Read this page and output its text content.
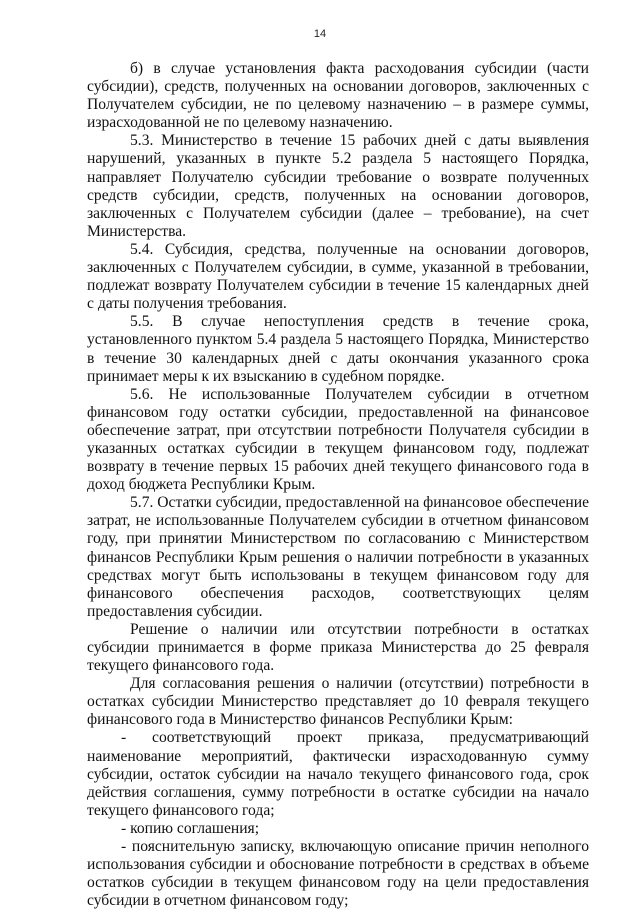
14

б) в случае установления факта расходования субсидии (части субсидии), средств, полученных на основании договоров, заключенных с Получателем субсидии, не по целевому назначению – в размере суммы, израсходованной не по целевому назначению.

5.3. Министерство в течение 15 рабочих дней с даты выявления нарушений, указанных в пункте 5.2 раздела 5 настоящего Порядка, направляет Получателю субсидии требование о возврате полученных средств субсидии, средств, полученных на основании договоров, заключенных с Получателем субсидии (далее – требование), на счет Министерства.

5.4. Субсидия, средства, полученные на основании договоров, заключенных с Получателем субсидии, в сумме, указанной в требовании, подлежат возврату Получателем субсидии в течение 15 календарных дней с даты получения требования.

5.5. В случае непоступления средств в течение срока, установленного пунктом 5.4 раздела 5 настоящего Порядка, Министерство в течение 30 календарных дней с даты окончания указанного срока принимает меры к их взысканию в судебном порядке.

5.6. Не использованные Получателем субсидии в отчетном финансовом году остатки субсидии, предоставленной на финансовое обеспечение затрат, при отсутствии потребности Получателя субсидии в указанных остатках субсидии в текущем финансовом году, подлежат возврату в течение первых 15 рабочих дней текущего финансового года в доход бюджета Республики Крым.

5.7. Остатки субсидии, предоставленной на финансовое обеспечение затрат, не использованные Получателем субсидии в отчетном финансовом году, при принятии Министерством по согласованию с Министерством финансов Республики Крым решения о наличии потребности в указанных средствах могут быть использованы в текущем финансовом году для финансового обеспечения расходов, соответствующих целям предоставления субсидии.

Решение о наличии или отсутствии потребности в остатках субсидии принимается в форме приказа Министерства до 25 февраля текущего финансового года.

Для согласования решения о наличии (отсутствии) потребности в остатках субсидии Министерство представляет до 10 февраля текущего финансового года в Министерство финансов Республики Крым:

- соответствующий проект приказа, предусматривающий наименование мероприятий, фактически израсходованную сумму субсидии, остаток субсидии на начало текущего финансового года, срок действия соглашения, сумму потребности в остатке субсидии на начало текущего финансового года;

- копию соглашения;

- пояснительную записку, включающую описание причин неполного использования субсидии и обоснование потребности в средствах в объеме остатков субсидии в текущем финансовом году на цели предоставления субсидии в отчетном финансовом году;
